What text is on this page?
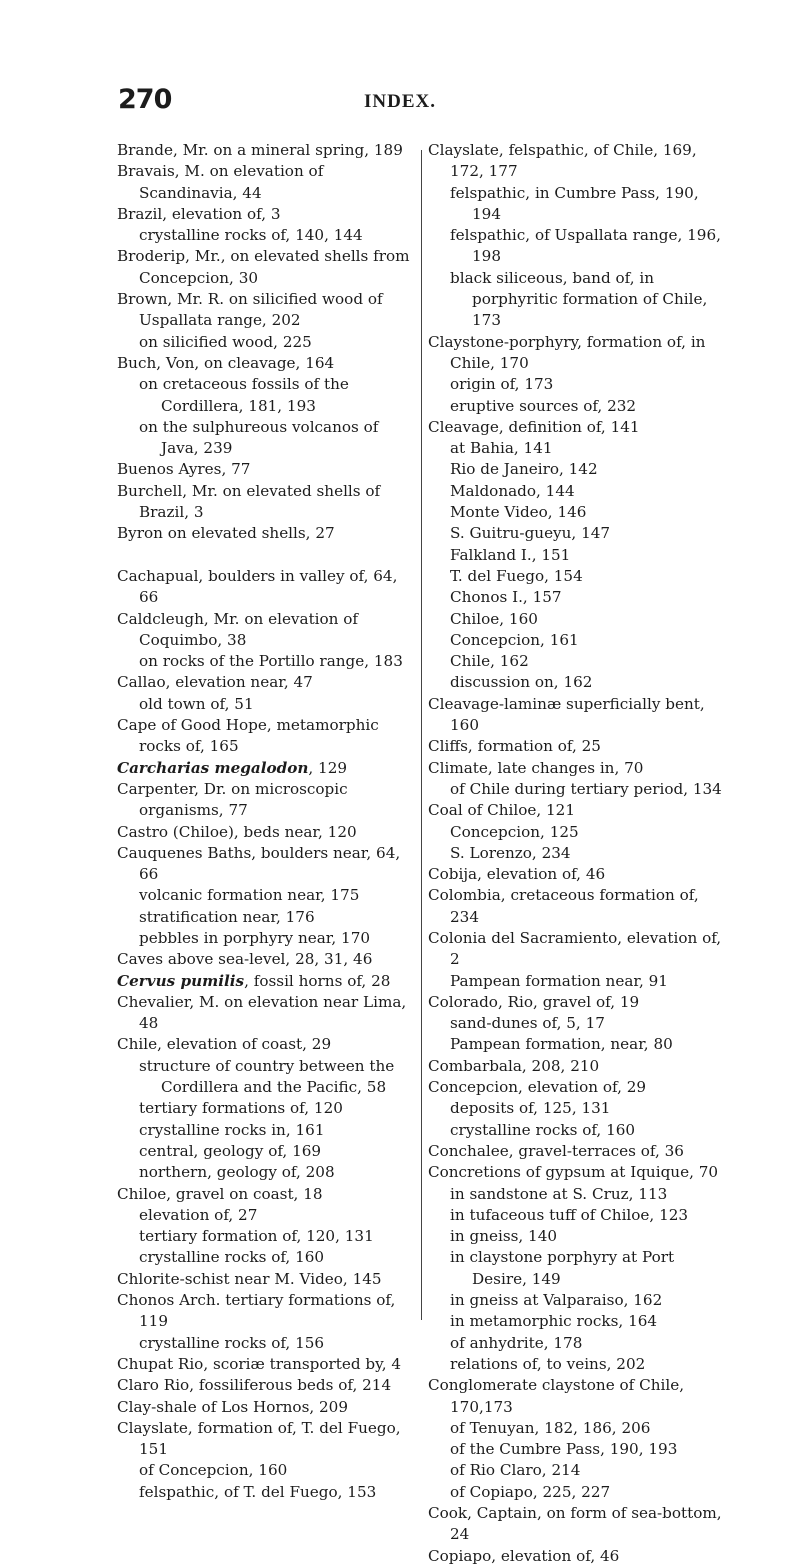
270	INDEX.
Brande, Mr. on a mineral spring, 189
Bravais, M. on elevation of Scandinavia, 44
Brazil, elevation of, 3
crystalline rocks of, 140, 144
Broderip, Mr., on elevated shells from Concepcion, 30
Brown, Mr. R. on silicified wood of Uspallata range, 202
on silicified wood, 225
Buch, Von, on cleavage, 164
on cretaceous fossils of the Cordillera, 181, 193
on the sulphureous volcanos of Java, 239
Buenos Ayres, 77
Burchell, Mr. on elevated shells of Brazil, 3
Byron on elevated shells, 27
Cachapual, boulders in valley of, 64, 66
Caldcleugh, Mr. on elevation of Coquimbo, 38
on rocks of the Portillo range, 183
Callao, elevation near, 47
old town of, 51
Cape of Good Hope, metamorphic rocks of, 165
Carcharias megalodon, 129
Carpenter, Dr. on microscopic organisms, 77
Castro (Chiloe), beds near, 120
Cauquenes Baths, boulders near, 64, 66
volcanic formation near, 175
stratification near, 176
pebbles in porphyry near, 170
Caves above sea-level, 28, 31, 46
Cervus pumilis, fossil horns of, 28
Chevalier, M. on elevation near Lima, 48
Chile, elevation of coast, 29
structure of country between the Cordillera and the Pacific, 58
tertiary formations of, 120
crystalline rocks in, 161
central, geology of, 169
northern, geology of, 208
Chiloe, gravel on coast, 18
elevation of, 27
tertiary formation of, 120, 131
crystalline rocks of, 160
Chlorite-schist near M. Video, 145
Chonos Arch. tertiary formations of, 119
crystalline rocks of, 156
Chupat Rio, scoriæ transported by, 4
Claro Rio, fossiliferous beds of, 214
Clay-shale of Los Hornos, 209
Clayslate, formation of, T. del Fuego, 151
of Concepcion, 160
felspathic, of T. del Fuego, 153
Clayslate, felspathic, of Chile, 169, 172, 177
felspathic, in Cumbre Pass, 190, 194
felspathic, of Uspallata range, 196, 198
black siliceous, band of, in porphyritic formation of Chile, 173
Claystone-porphyry, formation of, in Chile, 170
origin of, 173
eruptive sources of, 232
Cleavage, definition of, 141
at Bahia, 141
Rio de Janeiro, 142
Maldonado, 144
Monte Video, 146
S. Guitru-gueyu, 147
Falkland I., 151
T. del Fuego, 154
Chonos I., 157
Chiloe, 160
Concepcion, 161
Chile, 162
discussion on, 162
Cleavage-laminæ superficially bent, 160
Cliffs, formation of, 25
Climate, late changes in, 70
of Chile during tertiary period, 134
Coal of Chiloe, 121
Concepcion, 125
S. Lorenzo, 234
Cobija, elevation of, 46
Colombia, cretaceous formation of, 234
Colonia del Sacramiento, elevation of, 2
Pampean formation near, 91
Colorado, Rio, gravel of, 19
sand-dunes of, 5, 17
Pampean formation, near, 80
Combarbala, 208, 210
Concepcion, elevation of, 29
deposits of, 125, 131
crystalline rocks of, 160
Conchalee, gravel-terraces of, 36
Concretions of gypsum at Iquique, 70
in sandstone at S. Cruz, 113
in tufaceous tuff of Chiloe, 123
in gneiss, 140
in claystone porphyry at Port Desire, 149
in gneiss at Valparaiso, 162
in metamorphic rocks, 164
of anhydrite, 178
relations of, to veins, 202
Conglomerate claystone of Chile, 170,173
of Tenuyan, 182, 186, 206
of the Cumbre Pass, 190, 193
of Rio Claro, 214
of Copiapo, 225, 227
Cook, Captain, on form of sea-bottom, 24
Copiapo, elevation of, 46
